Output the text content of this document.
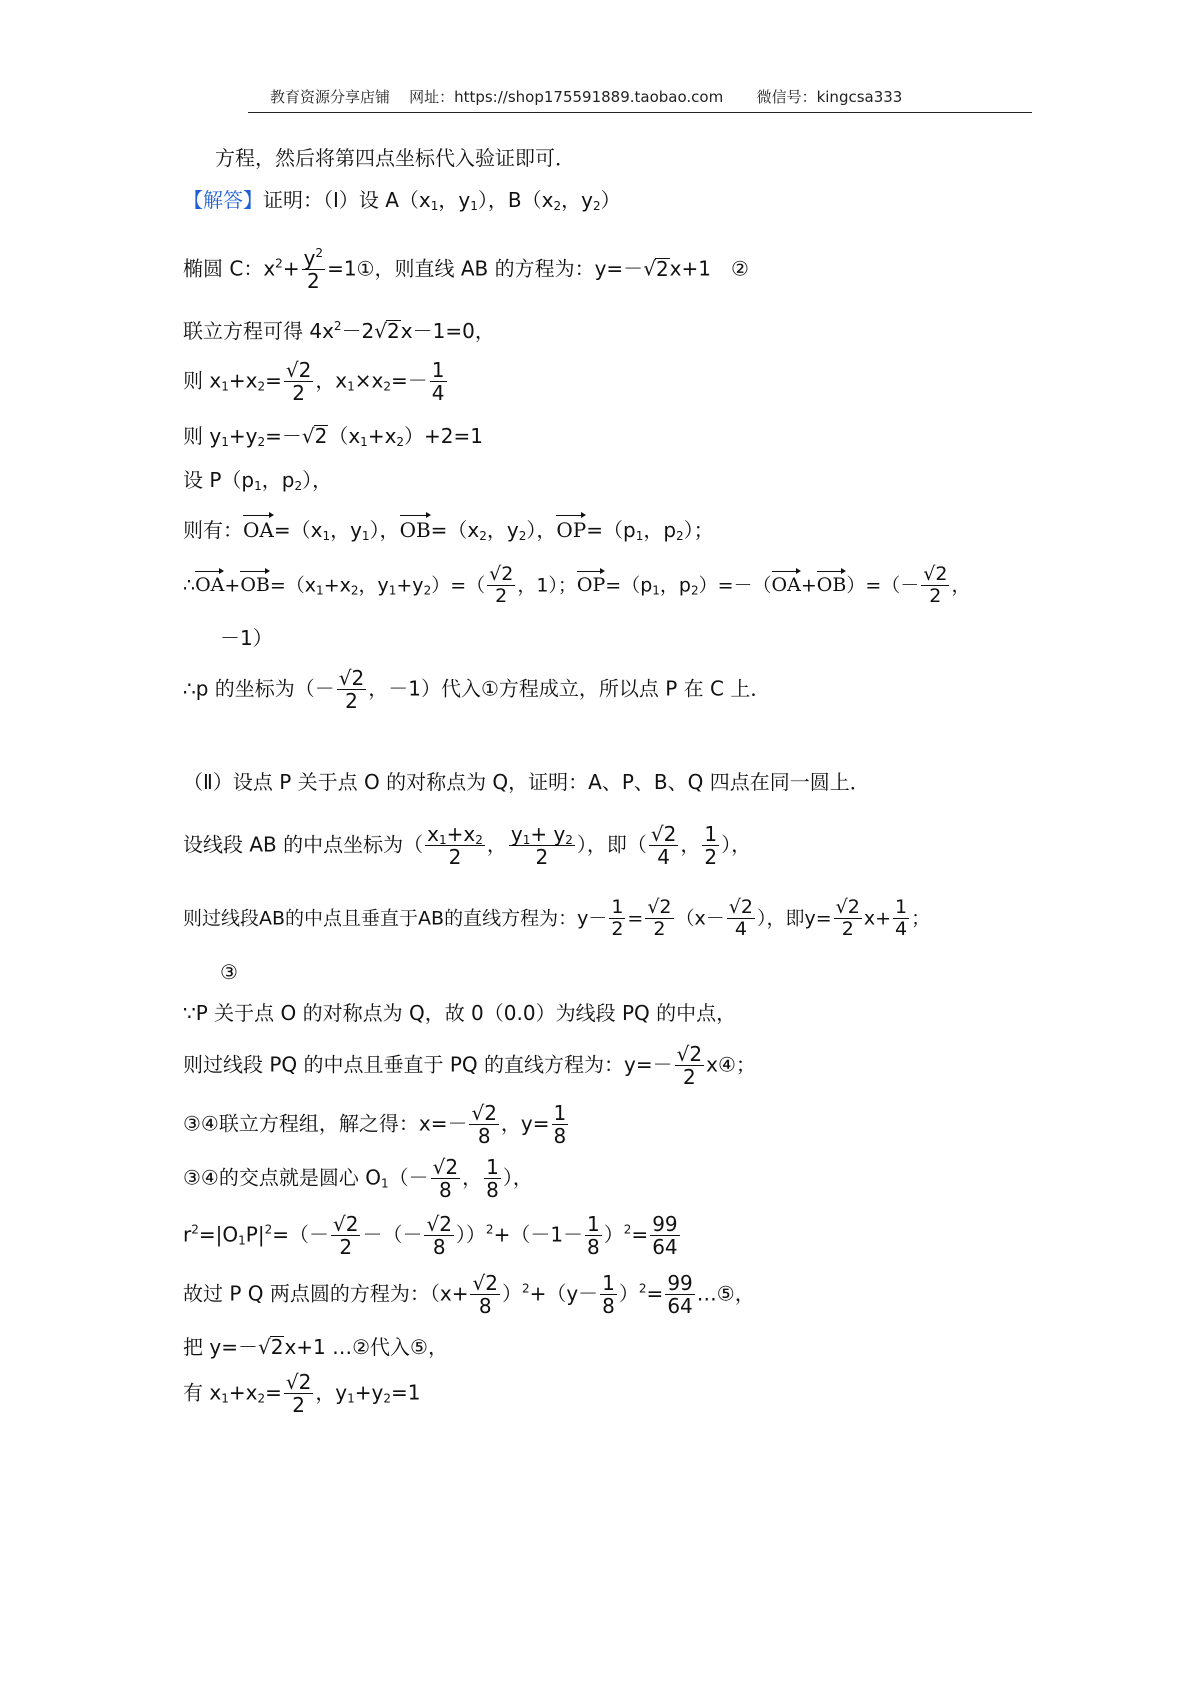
教育资源分享店铺    网址：https://shop175591889.taobao.com       微信号：kingcsa333
方程，然后将第四点坐标代入验证即可．
【解答】证明：（Ⅰ）设 $A(x_1$，$y_1$），$B(x_2$，$y_2$）
椭圆 C：$x^2+ \frac{y^2}{2}$ =1①，则直线 AB 的方程为：y=－√2x+1　②
联立方程可得 $4x^2-2√2x-1=0$，
则 $x_1+x_2= \frac{√2}{2}$ ，$x_1\times x_2=- \frac{1}{4}$
则 $y_1+y_2=-√2(x_1+x_2)+2=1$
设 $P(p_1$，$p_2$），
则有：$OA=(x_1$，$y_1$），$OB=(x_2$，$y_2$），$OP=(p_1$，$p_2$）；
$\therefore OA+OB=(x_1+x_2$，$y_1+y_2)=( \frac{√2}{2}$ ，1）；$OP=(p_1$，$p_2)=-(OA+OB)=(- \frac{√2}{2}$ ，
－1）
∴p 的坐标为（－ $\frac{√2}{2}$ ，－1）代入①方程成立，所以点 P 在 C 上．
（Ⅱ）设点 P 关于点 O 的对称点为 Q，证明：A、P、B、Q 四点在同一圆上．
设线段 AB 的中点坐标为（ $\frac{x_1+x_2}{2}$ ， $\frac{y_1+ y_2}{2}$ ），即（ $\frac{√2}{4}$ ， $\frac{1}{2}$ ），
则过线段AB的中点且垂直于AB的直线方程为：$y- \frac{1}{2} = \frac{√2}{2} (x- \frac{√2}{4}$ ），即$y= \frac{√2}{2} x+ \frac{1}{4}$ ；
③
∵P 关于点 O 的对称点为 Q，故 0（0.0）为线段 PQ 的中点，
则过线段 PQ 的中点且垂直于 PQ 的直线方程为：$y=- \frac{√2}{2}$ x④；
③④联立方程组，解之得：$x=- \frac{√2}{8}$ ，$y= \frac{1}{8}$
③④的交点就是圆心 $O_1(- \frac{√2}{8}$ ， $\frac{1}{8}$ ），
$r^2=|O_1P|^2=(- \frac{√2}{2}$ －（－ $\frac{√2}{8} ))^2+(-1- \frac{1}{8} )^2= \frac{99}{64}$
故过 P Q 两点圆的方程为：$(x+ \frac{√2}{8} )^2+(y- \frac{1}{8} )^2= \frac{99}{64}$ …⑤，
把 y=－√2x+1 …②代入⑤，
有 $x_1+x_2= \frac{√2}{2}$ ，$y_1+y_2=1$
